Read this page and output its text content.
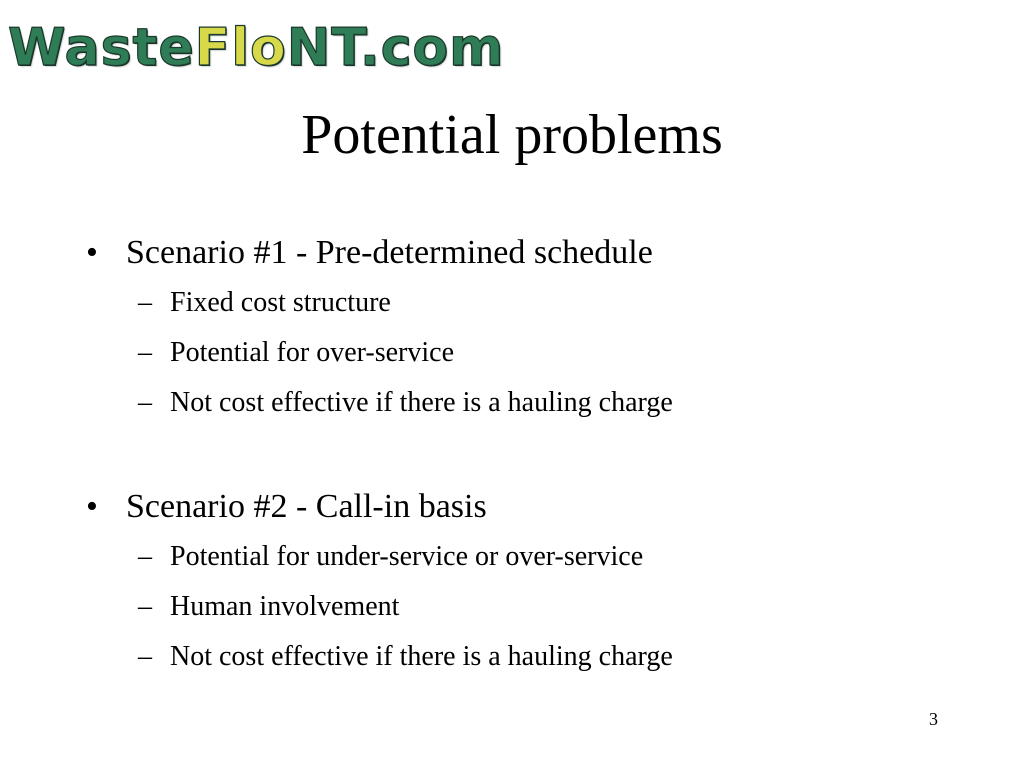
WasteFloNT.com
Potential problems
• Scenario #1 - Pre-determined schedule
– Fixed cost structure
– Potential for over-service
– Not cost effective if there is a hauling charge
• Scenario #2 - Call-in basis
– Potential for under-service or over-service
– Human involvement
– Not cost effective if there is a hauling charge
3
